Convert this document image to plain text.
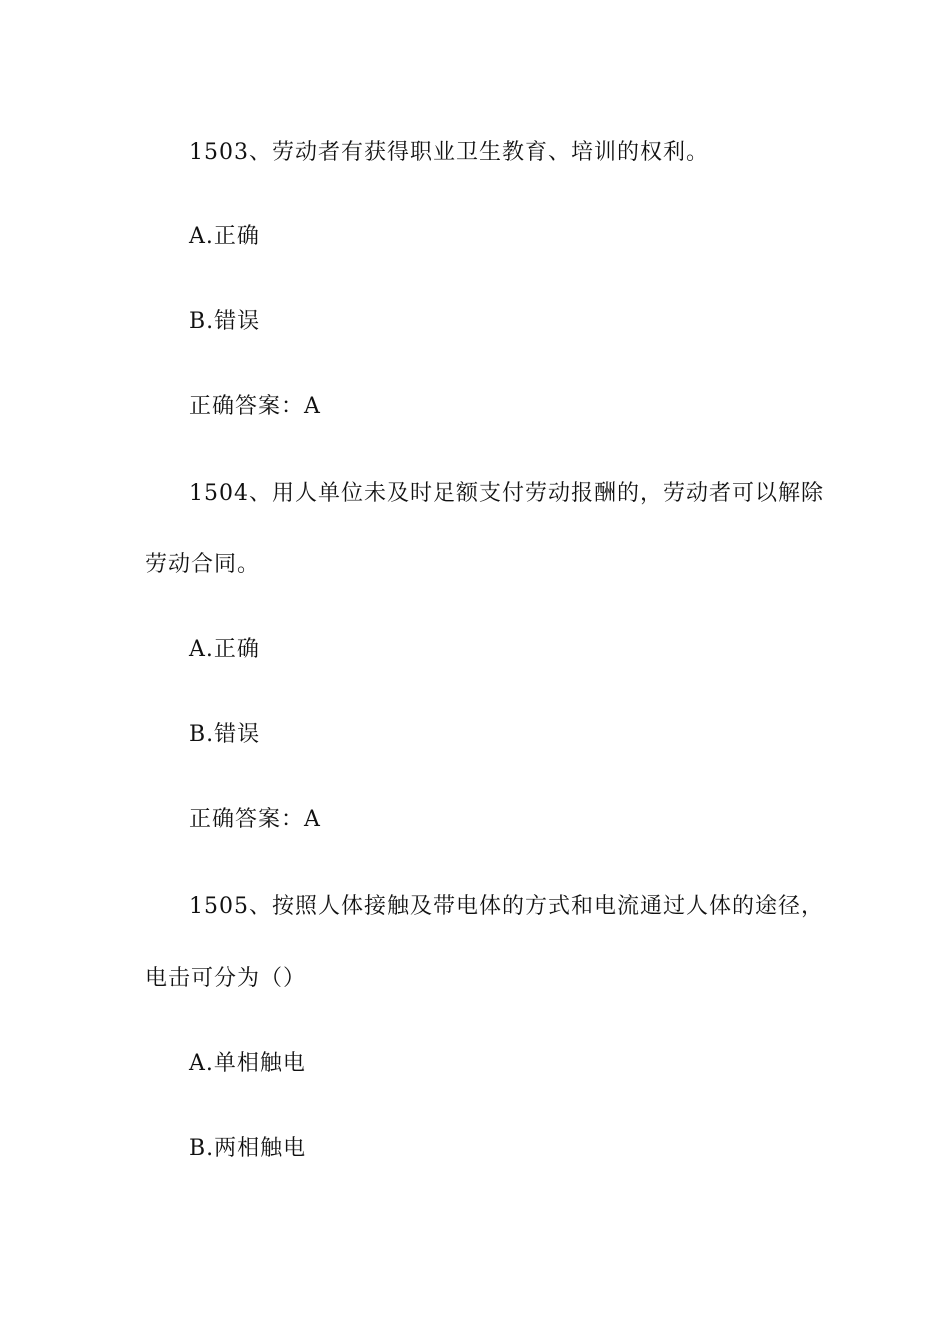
1503、劳动者有获得职业卫生教育、培训的权利。
A.正确
B.错误
正确答案：A
1504、用人单位未及时足额支付劳动报酬的，劳动者可以解除
劳动合同。
A.正确
B.错误
正确答案：A
1505、按照人体接触及带电体的方式和电流通过人体的途径，
电击可分为（）
A.单相触电
B.两相触电
